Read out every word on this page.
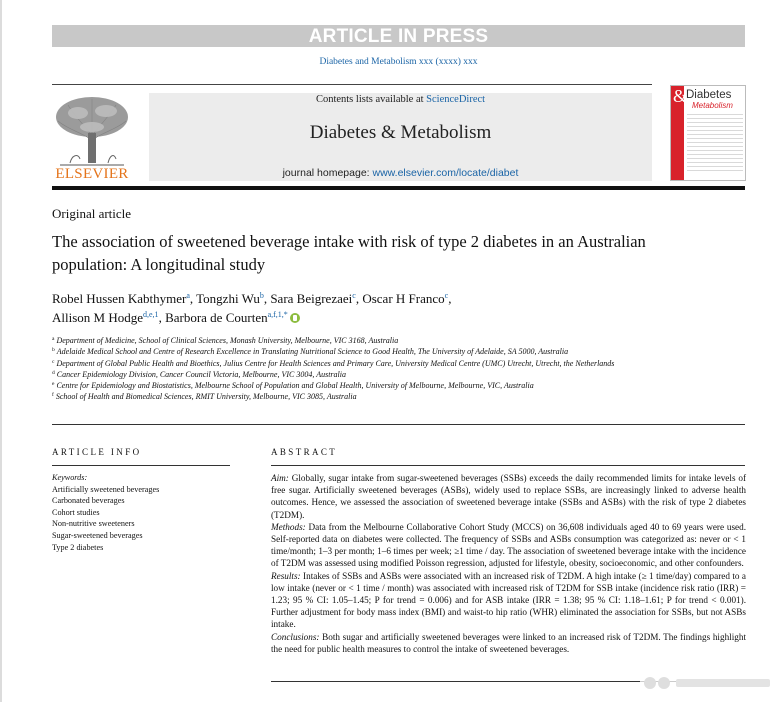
ARTICLE IN PRESS
Diabetes and Metabolism xxx (xxxx) xxx
ELSEVIER
Contents lists available at ScienceDirect
Diabetes & Metabolism
journal homepage: www.elsevier.com/locate/diabet
&
Diabetes
Metabolism
Original article
The association of sweetened beverage intake with risk of type 2 diabetes in an Australian population: A longitudinal study
Robel Hussen Kabthymer$^a$, Tongzhi Wu$^b$, Sara Beigrezaei$^c$, Oscar H Franco$^c$,
Allison M Hodge$^{d,e,1}$, Barbora de Courten$^{a,f,1,*}$
$^a$ Department of Medicine, School of Clinical Sciences, Monash University, Melbourne, VIC 3168, Australia
$^b$ Adelaide Medical School and Centre of Research Excellence in Translating Nutritional Science to Good Health, The University of Adelaide, SA 5000, Australia
$^c$ Department of Global Public Health and Bioethics, Julius Centre for Health Sciences and Primary Care, University Medical Centre (UMC) Utrecht, Utrecht, the Netherlands
$^d$ Cancer Epidemiology Division, Cancer Council Victoria, Melbourne, VIC 3004, Australia
$^e$ Centre for Epidemiology and Biostatistics, Melbourne School of Population and Global Health, University of Melbourne, Melbourne, VIC, Australia
$^f$ School of Health and Biomedical Sciences, RMIT University, Melbourne, VIC 3085, Australia
ARTICLE INFO	ABSTRACT
Keywords:
Artificially sweetened beverages
Carbonated beverages
Cohort studies
Non-nutritive sweeteners
Sugar-sweetened beverages
Type 2 diabetes

Aim: Globally, sugar intake from sugar-sweetened beverages (SSBs) exceeds the daily recommended limits for intake levels of free sugar. Artificially sweetened beverages (ASBs), widely used to replace SSBs, are increasingly linked to adverse health outcomes. Hence, we assessed the association of sweetened beverage intake (SSBs and ASBs) with the risk of type 2 diabetes (T2DM).

Methods: Data from the Melbourne Collaborative Cohort Study (MCCS) on 36,608 individuals aged 40 to 69 years were used. Self-reported data on diabetes were collected. The frequency of SSBs and ASBs consumption was categorized as: never or < 1 time/month; 1–3 per month; 1–6 times per week; ≥1 time / day. The association of sweetened beverage intake with the incidence of T2DM was assessed using modified Poisson regression, adjusted for lifestyle, obesity, socioeconomic, and other confounders.

Results: Intakes of SSBs and ASBs were associated with an increased risk of T2DM. A high intake (≥ 1 time/day) compared to a low intake (never or < 1 time / month) was associated with increased risk of T2DM for SSB intake (incidence risk ratio (IRR) = 1.23; 95 % CI: 1.05–1.45; P for trend = 0.006) and for ASB intake (IRR = 1.38; 95 % CI: 1.18–1.61; P for trend < 0.001). Further adjustment for body mass index (BMI) and waist-to hip ratio (WHR) eliminated the association for SSBs, but not ASBs intake.

Conclusions: Both sugar and artificially sweetened beverages were linked to an increased risk of T2DM. The findings highlight the need for public health measures to control the intake of sweetened beverages.
